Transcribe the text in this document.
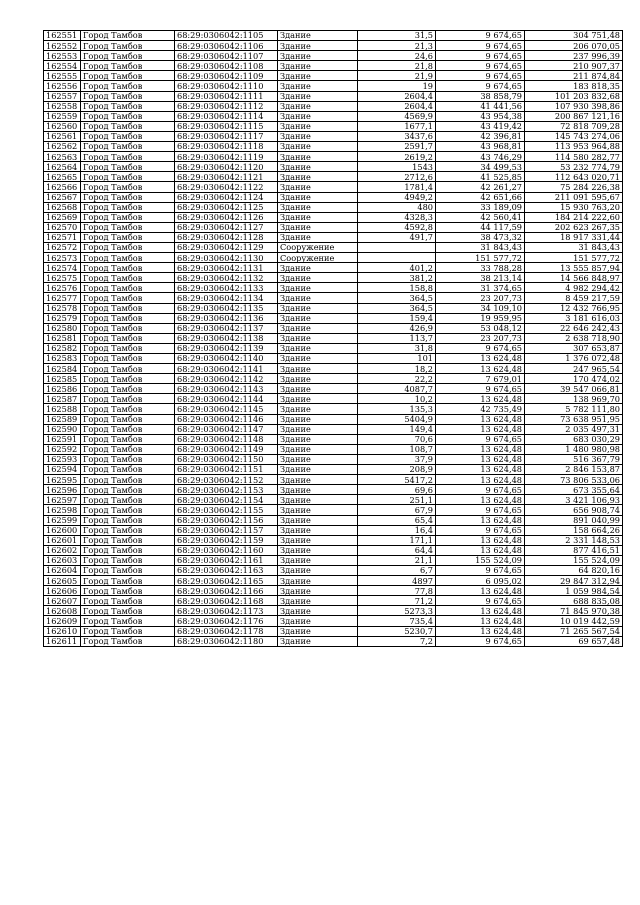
162551	Город Тамбов	68:29:0306042:1105	Здание	31,5	9 674,65	304 751,48
162552	Город Тамбов	68:29:0306042:1106	Здание	21,3	9 674,65	206 070,05
162553	Город Тамбов	68:29:0306042:1107	Здание	24,6	9 674,65	237 996,39
162554	Город Тамбов	68:29:0306042:1108	Здание	21,8	9 674,65	210 907,37
162555	Город Тамбов	68:29:0306042:1109	Здание	21,9	9 674,65	211 874,84
162556	Город Тамбов	68:29:0306042:1110	Здание	19	9 674,65	183 818,35
162557	Город Тамбов	68:29:0306042:1111	Здание	2604,4	38 858,79	101 203 832,68
162558	Город Тамбов	68:29:0306042:1112	Здание	2604,4	41 441,56	107 930 398,86
162559	Город Тамбов	68:29:0306042:1114	Здание	4569,9	43 954,38	200 867 121,16
162560	Город Тамбов	68:29:0306042:1115	Здание	1677,1	43 419,42	72 818 709,28
162561	Город Тамбов	68:29:0306042:1117	Здание	3437,6	42 396,81	145 743 274,06
162562	Город Тамбов	68:29:0306042:1118	Здание	2591,7	43 968,81	113 953 964,88
162563	Город Тамбов	68:29:0306042:1119	Здание	2619,2	43 746,29	114 580 282,77
162564	Город Тамбов	68:29:0306042:1120	Здание	1543	34 499,53	53 232 774,79
162565	Город Тамбов	68:29:0306042:1121	Здание	2712,6	41 525,85	112 643 020,71
162566	Город Тамбов	68:29:0306042:1122	Здание	1781,4	42 261,27	75 284 226,38
162567	Город Тамбов	68:29:0306042:1124	Здание	4949,2	42 651,66	211 091 595,67
162568	Город Тамбов	68:29:0306042:1125	Здание	480	33 189,09	15 930 763,20
162569	Город Тамбов	68:29:0306042:1126	Здание	4328,3	42 560,41	184 214 222,60
162570	Город Тамбов	68:29:0306042:1127	Здание	4592,8	44 117,59	202 623 267,35
162571	Город Тамбов	68:29:0306042:1128	Здание	491,7	38 473,32	18 917 331,44
162572	Город Тамбов	68:29:0306042:1129	Сооружение		31 843,43	31 843,43
162573	Город Тамбов	68:29:0306042:1130	Сооружение		151 577,72	151 577,72
162574	Город Тамбов	68:29:0306042:1131	Здание	401,2	33 788,28	13 555 857,94
162575	Город Тамбов	68:29:0306042:1132	Здание	381,2	38 213,14	14 566 848,97
162576	Город Тамбов	68:29:0306042:1133	Здание	158,8	31 374,65	4 982 294,42
162577	Город Тамбов	68:29:0306042:1134	Здание	364,5	23 207,73	8 459 217,59
162578	Город Тамбов	68:29:0306042:1135	Здание	364,5	34 109,10	12 432 766,95
162579	Город Тамбов	68:29:0306042:1136	Здание	159,4	19 959,95	3 181 616,03
162580	Город Тамбов	68:29:0306042:1137	Здание	426,9	53 048,12	22 646 242,43
162581	Город Тамбов	68:29:0306042:1138	Здание	113,7	23 207,73	2 638 718,90
162582	Город Тамбов	68:29:0306042:1139	Здание	31,8	9 674,65	307 653,87
162583	Город Тамбов	68:29:0306042:1140	Здание	101	13 624,48	1 376 072,48
162584	Город Тамбов	68:29:0306042:1141	Здание	18,2	13 624,48	247 965,54
162585	Город Тамбов	68:29:0306042:1142	Здание	22,2	7 679,01	170 474,02
162586	Город Тамбов	68:29:0306042:1143	Здание	4087,7	9 674,65	39 547 066,81
162587	Город Тамбов	68:29:0306042:1144	Здание	10,2	13 624,48	138 969,70
162588	Город Тамбов	68:29:0306042:1145	Здание	135,3	42 735,49	5 782 111,80
162589	Город Тамбов	68:29:0306042:1146	Здание	5404,9	13 624,48	73 638 951,95
162590	Город Тамбов	68:29:0306042:1147	Здание	149,4	13 624,48	2 035 497,31
162591	Город Тамбов	68:29:0306042:1148	Здание	70,6	9 674,65	683 030,29
162592	Город Тамбов	68:29:0306042:1149	Здание	108,7	13 624,48	1 480 980,98
162593	Город Тамбов	68:29:0306042:1150	Здание	37,9	13 624,48	516 367,79
162594	Город Тамбов	68:29:0306042:1151	Здание	208,9	13 624,48	2 846 153,87
162595	Город Тамбов	68:29:0306042:1152	Здание	5417,2	13 624,48	73 806 533,06
162596	Город Тамбов	68:29:0306042:1153	Здание	69,6	9 674,65	673 355,64
162597	Город Тамбов	68:29:0306042:1154	Здание	251,1	13 624,48	3 421 106,93
162598	Город Тамбов	68:29:0306042:1155	Здание	67,9	9 674,65	656 908,74
162599	Город Тамбов	68:29:0306042:1156	Здание	65,4	13 624,48	891 040,99
162600	Город Тамбов	68:29:0306042:1157	Здание	16,4	9 674,65	158 664,26
162601	Город Тамбов	68:29:0306042:1159	Здание	171,1	13 624,48	2 331 148,53
162602	Город Тамбов	68:29:0306042:1160	Здание	64,4	13 624,48	877 416,51
162603	Город Тамбов	68:29:0306042:1161	Здание	21,1	155 524,09	155 524,09
162604	Город Тамбов	68:29:0306042:1163	Здание	6,7	9 674,65	64 820,16
162605	Город Тамбов	68:29:0306042:1165	Здание	4897	6 095,02	29 847 312,94
162606	Город Тамбов	68:29:0306042:1166	Здание	77,8	13 624,48	1 059 984,54
162607	Город Тамбов	68:29:0306042:1168	Здание	71,2	9 674,65	688 835,08
162608	Город Тамбов	68:29:0306042:1173	Здание	5273,3	13 624,48	71 845 970,38
162609	Город Тамбов	68:29:0306042:1176	Здание	735,4	13 624,48	10 019 442,59
162610	Город Тамбов	68:29:0306042:1178	Здание	5230,7	13 624,48	71 265 567,54
162611	Город Тамбов	68:29:0306042:1180	Здание	7,2	9 674,65	69 657,48
